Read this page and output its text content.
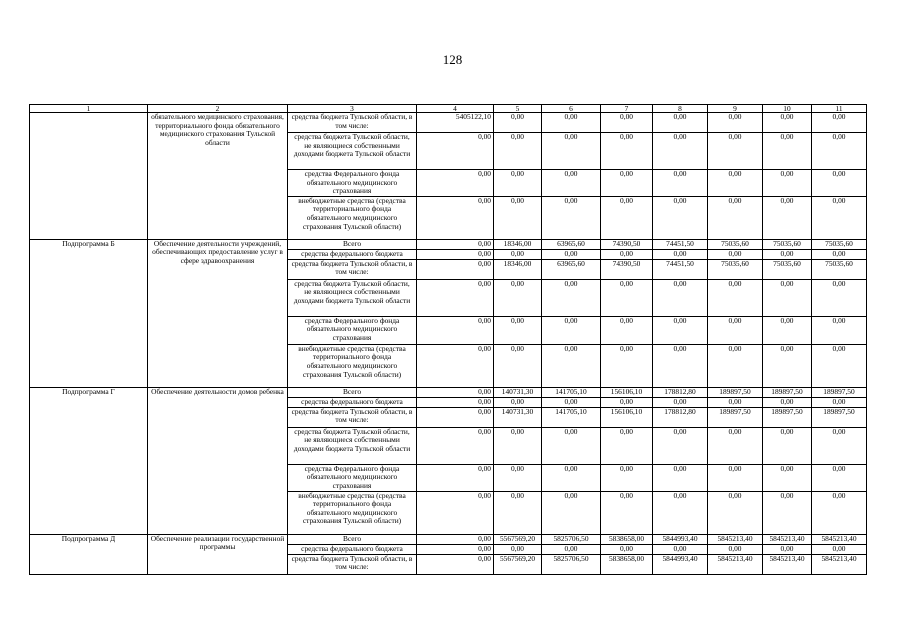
128
1	2	3	4	5	6	7	8	9	10	11
	обязательного медицинского страхования, территориального фонда обязательного медицинского страхования Тульской области	средства бюджета Тульской области, в том числе:	5405122,10	0,00	0,00	0,00	0,00	0,00	0,00	0,00
		средства бюджета Тульской области, не являющиеся собственными доходами бюджета Тульской области	0,00	0,00	0,00	0,00	0,00	0,00	0,00	0,00
		средства Федерального фонда обязательного медицинского страхования	0,00	0,00	0,00	0,00	0,00	0,00	0,00	0,00
		внебюджетные средства (средства территориального фонда обязательного медицинского страхования Тульской области)	0,00	0,00	0,00	0,00	0,00	0,00	0,00	0,00
Подпрограмма Б	Обеспечение деятельности учреждений, обеспечивающих предоставление услуг в сфере здравоохранения	Всего	0,00	18346,00	63965,60	74390,50	74451,50	75035,60	75035,60	75035,60
		средства федерального бюджета	0,00	0,00	0,00	0,00	0,00	0,00	0,00	0,00
		средства бюджета Тульской области, в том числе:	0,00	18346,00	63965,60	74390,50	74451,50	75035,60	75035,60	75035,60
		средства бюджета Тульской области, не являющиеся собственными доходами бюджета Тульской области	0,00	0,00	0,00	0,00	0,00	0,00	0,00	0,00
		средства Федерального фонда обязательного медицинского страхования	0,00	0,00	0,00	0,00	0,00	0,00	0,00	0,00
		внебюджетные средства (средства территориального фонда обязательного медицинского страхования Тульской области)	0,00	0,00	0,00	0,00	0,00	0,00	0,00	0,00
Подпрограмма Г	Обеспечение деятельности домов ребенка	Всего	0,00	140731,30	141705,10	156106,10	178812,80	189897,50	189897,50	189897,50
		средства федерального бюджета	0,00	0,00	0,00	0,00	0,00	0,00	0,00	0,00
		средства бюджета Тульской области, в том числе:	0,00	140731,30	141705,10	156106,10	178812,80	189897,50	189897,50	189897,50
		средства бюджета Тульской области, не являющиеся собственными доходами бюджета Тульской области	0,00	0,00	0,00	0,00	0,00	0,00	0,00	0,00
		средства Федерального фонда обязательного медицинского страхования	0,00	0,00	0,00	0,00	0,00	0,00	0,00	0,00
		внебюджетные средства (средства территориального фонда обязательного медицинского страхования Тульской области)	0,00	0,00	0,00	0,00	0,00	0,00	0,00	0,00
Подпрограмма Д	Обеспечение реализации государственной программы	Всего	0,00	5567569,20	5825706,50	5838658,00	5844993,40	5845213,40	5845213,40	5845213,40
		средства федерального бюджета	0,00	0,00	0,00	0,00	0,00	0,00	0,00	0,00
		средства бюджета Тульской области, в том числе:	0,00	5567569,20	5825706,50	5838658,00	5844993,40	5845213,40	5845213,40	5845213,40
